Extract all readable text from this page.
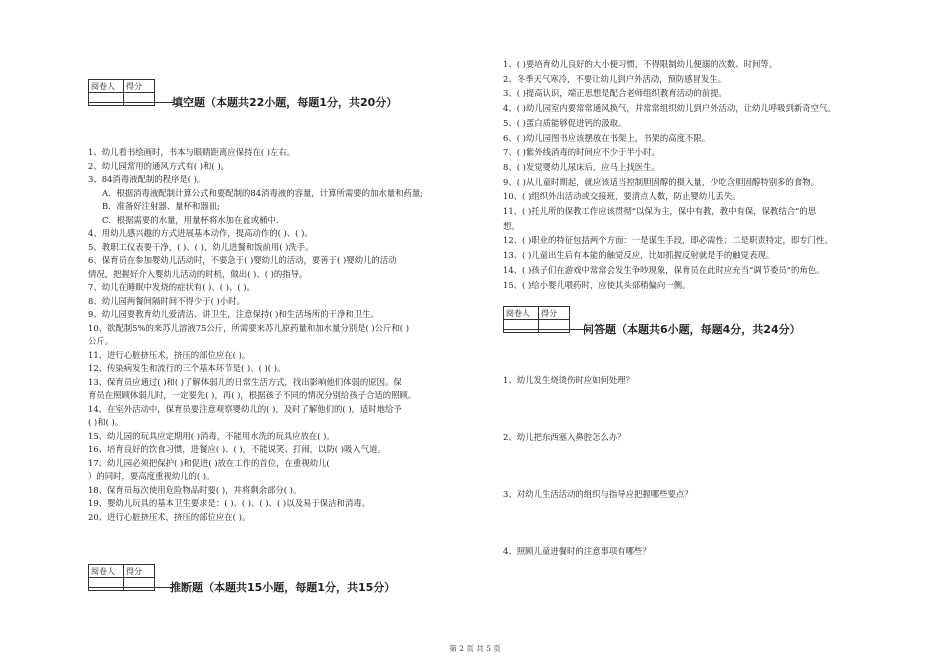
阅卷人	得分

填空题（本题共22小题，每题1分，共20分）
1、幼儿看书绘画时，书本与眼睛距离应保持在( )左右。
2、幼儿园常用的通风方式有( )和( )。
3、84消毒液配制的程序是( )。
A．根据消毒液配制计算公式和要配制的84消毒液的容量，计算所需要的加水量和药量;
B．准备好注射器、量杯和器皿;
C．根据需要的水量，用量杯将水加在盆或桶中.
4、用幼儿感兴趣的方式进展基本动作，提高动作的( )、( )。
5、教职工仪表要干净，( )、( )，幼儿进餐和饭前用( )洗手。
6、保育员在参加婴幼儿活动时，不要急于( )婴幼儿的活动，要善于( )婴幼儿的活动
情况，把握好介入婴幼儿活动的时机，做出( )、( )的指导。
7、幼儿在睡眠中发烧的症状有( )、( )、( )。
8、幼儿园两餐间隔时间不得少于( )小时。
9、幼儿园要教育幼儿爱清洁、讲卫生，注意保持( )和生活场所的干净和卫生。
10、欲配制5%的来苏儿溶液75公斤，所需要来苏儿原药量和加水量分别是( )公斤和( )
公斤。
11、进行心脏挤压术，挤压的部位应在( )。
12、传染病发生和流行的三个基本环节是( )、( )( )。
13、保育员应通过( )和( )了解体弱儿的日常生活方式，找出影响他们体弱的原因。保
育员在照顾体弱儿时，一定要先( )，再( )，根据孩子不同的情况分别给孩子合适的照顾。
14、在室外活动中，保育员要注意观察婴幼儿的( )，及时了解他们的( )，适时地给予
( )和( )。
15、幼儿园的玩具应定期用( )消毒，不能用水洗的玩具应放在( )。
16、培育良好的饮食习惯，进餐应( )、( )，不能说笑、打闹，以防( )吸入气道。
17、幼儿园必须把保护( )和促进( )放在工作的首位，在重视幼儿(
）的同时，要高度重视幼儿的( )。
18、保育员每次使用危险物品时要( )，并将剩余部分( )。
19、婴幼儿玩具的基本卫生要求是：( )、( )、( )、( )以及易于保洁和消毒。
20、进行心脏挤压术，挤压的部位应在( )。
阅卷人	得分

推断题（本题共15小题，每题1分，共15分）
1、( )要培育幼儿良好的大小便习惯，不得限制幼儿便溺的次数、时间等。
2、冬季天气寒冷，不要让幼儿到户外活动，预防感冒发生。
3、( )提高认识，端正思想是配合老师组织教育活动的前提。
4、( )幼儿园室内要常常通风换气，并常常组织幼儿到户外活动，让幼儿呼吸到新奇空气。
5、( )蛋白质能够促进钙的汲取。
6、( )幼儿园图书应该摆放在书架上，书架的高度不限。
7、( )紫外线消毒的时间应不少于半小时。
8、( )发觉婴幼儿尿床后，应马上找医生。
9、( )从儿童时期起，就应该适当控制胆固醇的摄入量，少吃含胆固醇特别多的食物。
10、( )组织外出活动或交接班，要清点人数，防止婴幼儿丢失。
11、( )托儿所的保教工作应该贯彻“以保为主，保中有教，教中有保，保教结合”的思
想。
12、( )职业的特征包括两个方面：一是谋生手段，即必需性；二是职责特定，即专门性。
13、( )儿童出生后有本能的触觉反应，比如抓握反射就是手的触觉表现。
14、( )孩子们在游戏中常常会发生争吵现象，保育员在此时应充当“调节委员”的角色。
15、( )给小婴儿喂药时，应使其头部稍偏向一侧。
阅卷人	得分

问答题（本题共6小题，每题4分，共24分）
1、幼儿发生烧烫伤时应如何处理？
2、幼儿把东西塞入鼻腔怎么办？
3、对幼儿生活活动的组织与指导应把握哪些要点？
4、照顾儿童进餐时的注意事项有哪些？
第 2 页 共 5 页
